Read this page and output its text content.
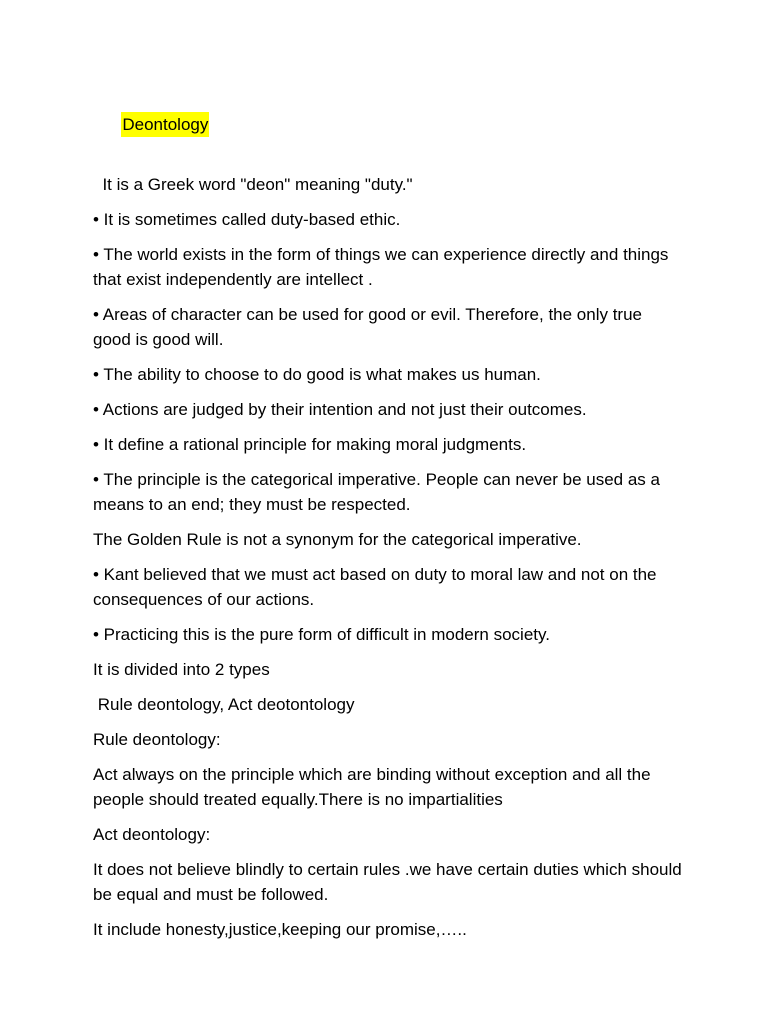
Deontology

It is a Greek word "deon" meaning "duty."

• It is sometimes called duty-based ethic.

• The world exists in the form of things we can experience directly and things that exist independently are intellect .

• Areas of character can be used for good or evil. Therefore, the only true good is good will.

• The ability to choose to do good is what makes us human.

• Actions are judged by their intention and not just their outcomes.

• It define a rational principle for making moral judgments.

• The principle is the categorical imperative. People can never be used as a means to an end; they must be respected.

The Golden Rule is not a synonym for the categorical imperative.

• Kant believed that we must act based on duty to moral law and not on the consequences of our actions.

• Practicing this is the pure form of difficult in modern society.

It is divided into 2 types

Rule deontology, Act deotontology

Rule deontology:

Act always on the principle which are binding without exception and all the people should treated equally.There is no impartialities

Act deontology:

It does not believe blindly to certain rules .we have certain duties which should be equal and must be followed.

It include honesty,justice,keeping our promise,…..
